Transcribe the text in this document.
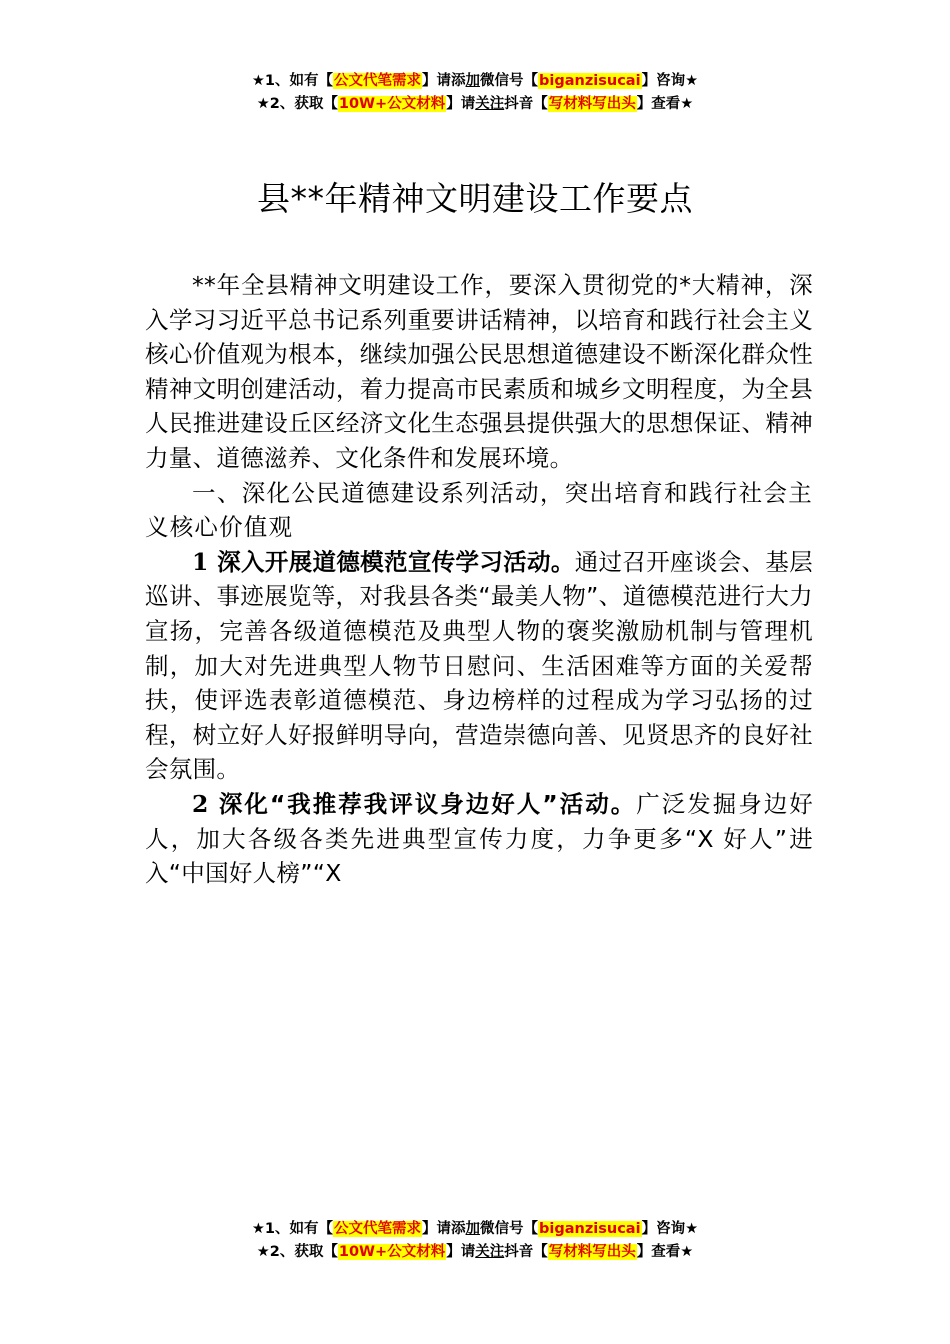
★1、如有【公文代笔需求】请添加微信号【biganzisucai】咨询★
★2、获取【10W+公文材料】请关注抖音【写材料写出头】查看★
县**年精神文明建设工作要点

**年全县精神文明建设工作，要深入贯彻党的*大精神，深入学习习近平总书记系列重要讲话精神，以培育和践行社会主义核心价值观为根本，继续加强公民思想道德建设不断深化群众性精神文明创建活动，着力提高市民素质和城乡文明程度，为全县人民推进建设丘区经济文化生态强县提供强大的思想保证、精神力量、道德滋养、文化条件和发展环境。

一、深化公民道德建设系列活动，突出培育和践行社会主义核心价值观

1 深入开展道德模范宣传学习活动。通过召开座谈会、基层巡讲、事迹展览等，对我县各类“最美人物”、道德模范进行大力宣扬，完善各级道德模范及典型人物的褒奖激励机制与管理机制，加大对先进典型人物节日慰问、生活困难等方面的关爱帮扶，使评选表彰道德模范、身边榜样的过程成为学习弘扬的过程，树立好人好报鲜明导向，营造崇德向善、见贤思齐的良好社会氛围。

2 深化“我推荐我评议身边好人”活动。广泛发掘身边好人，加大各级各类先进典型宣传力度，力争更多“X 好人”进入“中国好人榜”“X

★1、如有【公文代笔需求】请添加微信号【biganzisucai】咨询★
★2、获取【10W+公文材料】请关注抖音【写材料写出头】查看★
